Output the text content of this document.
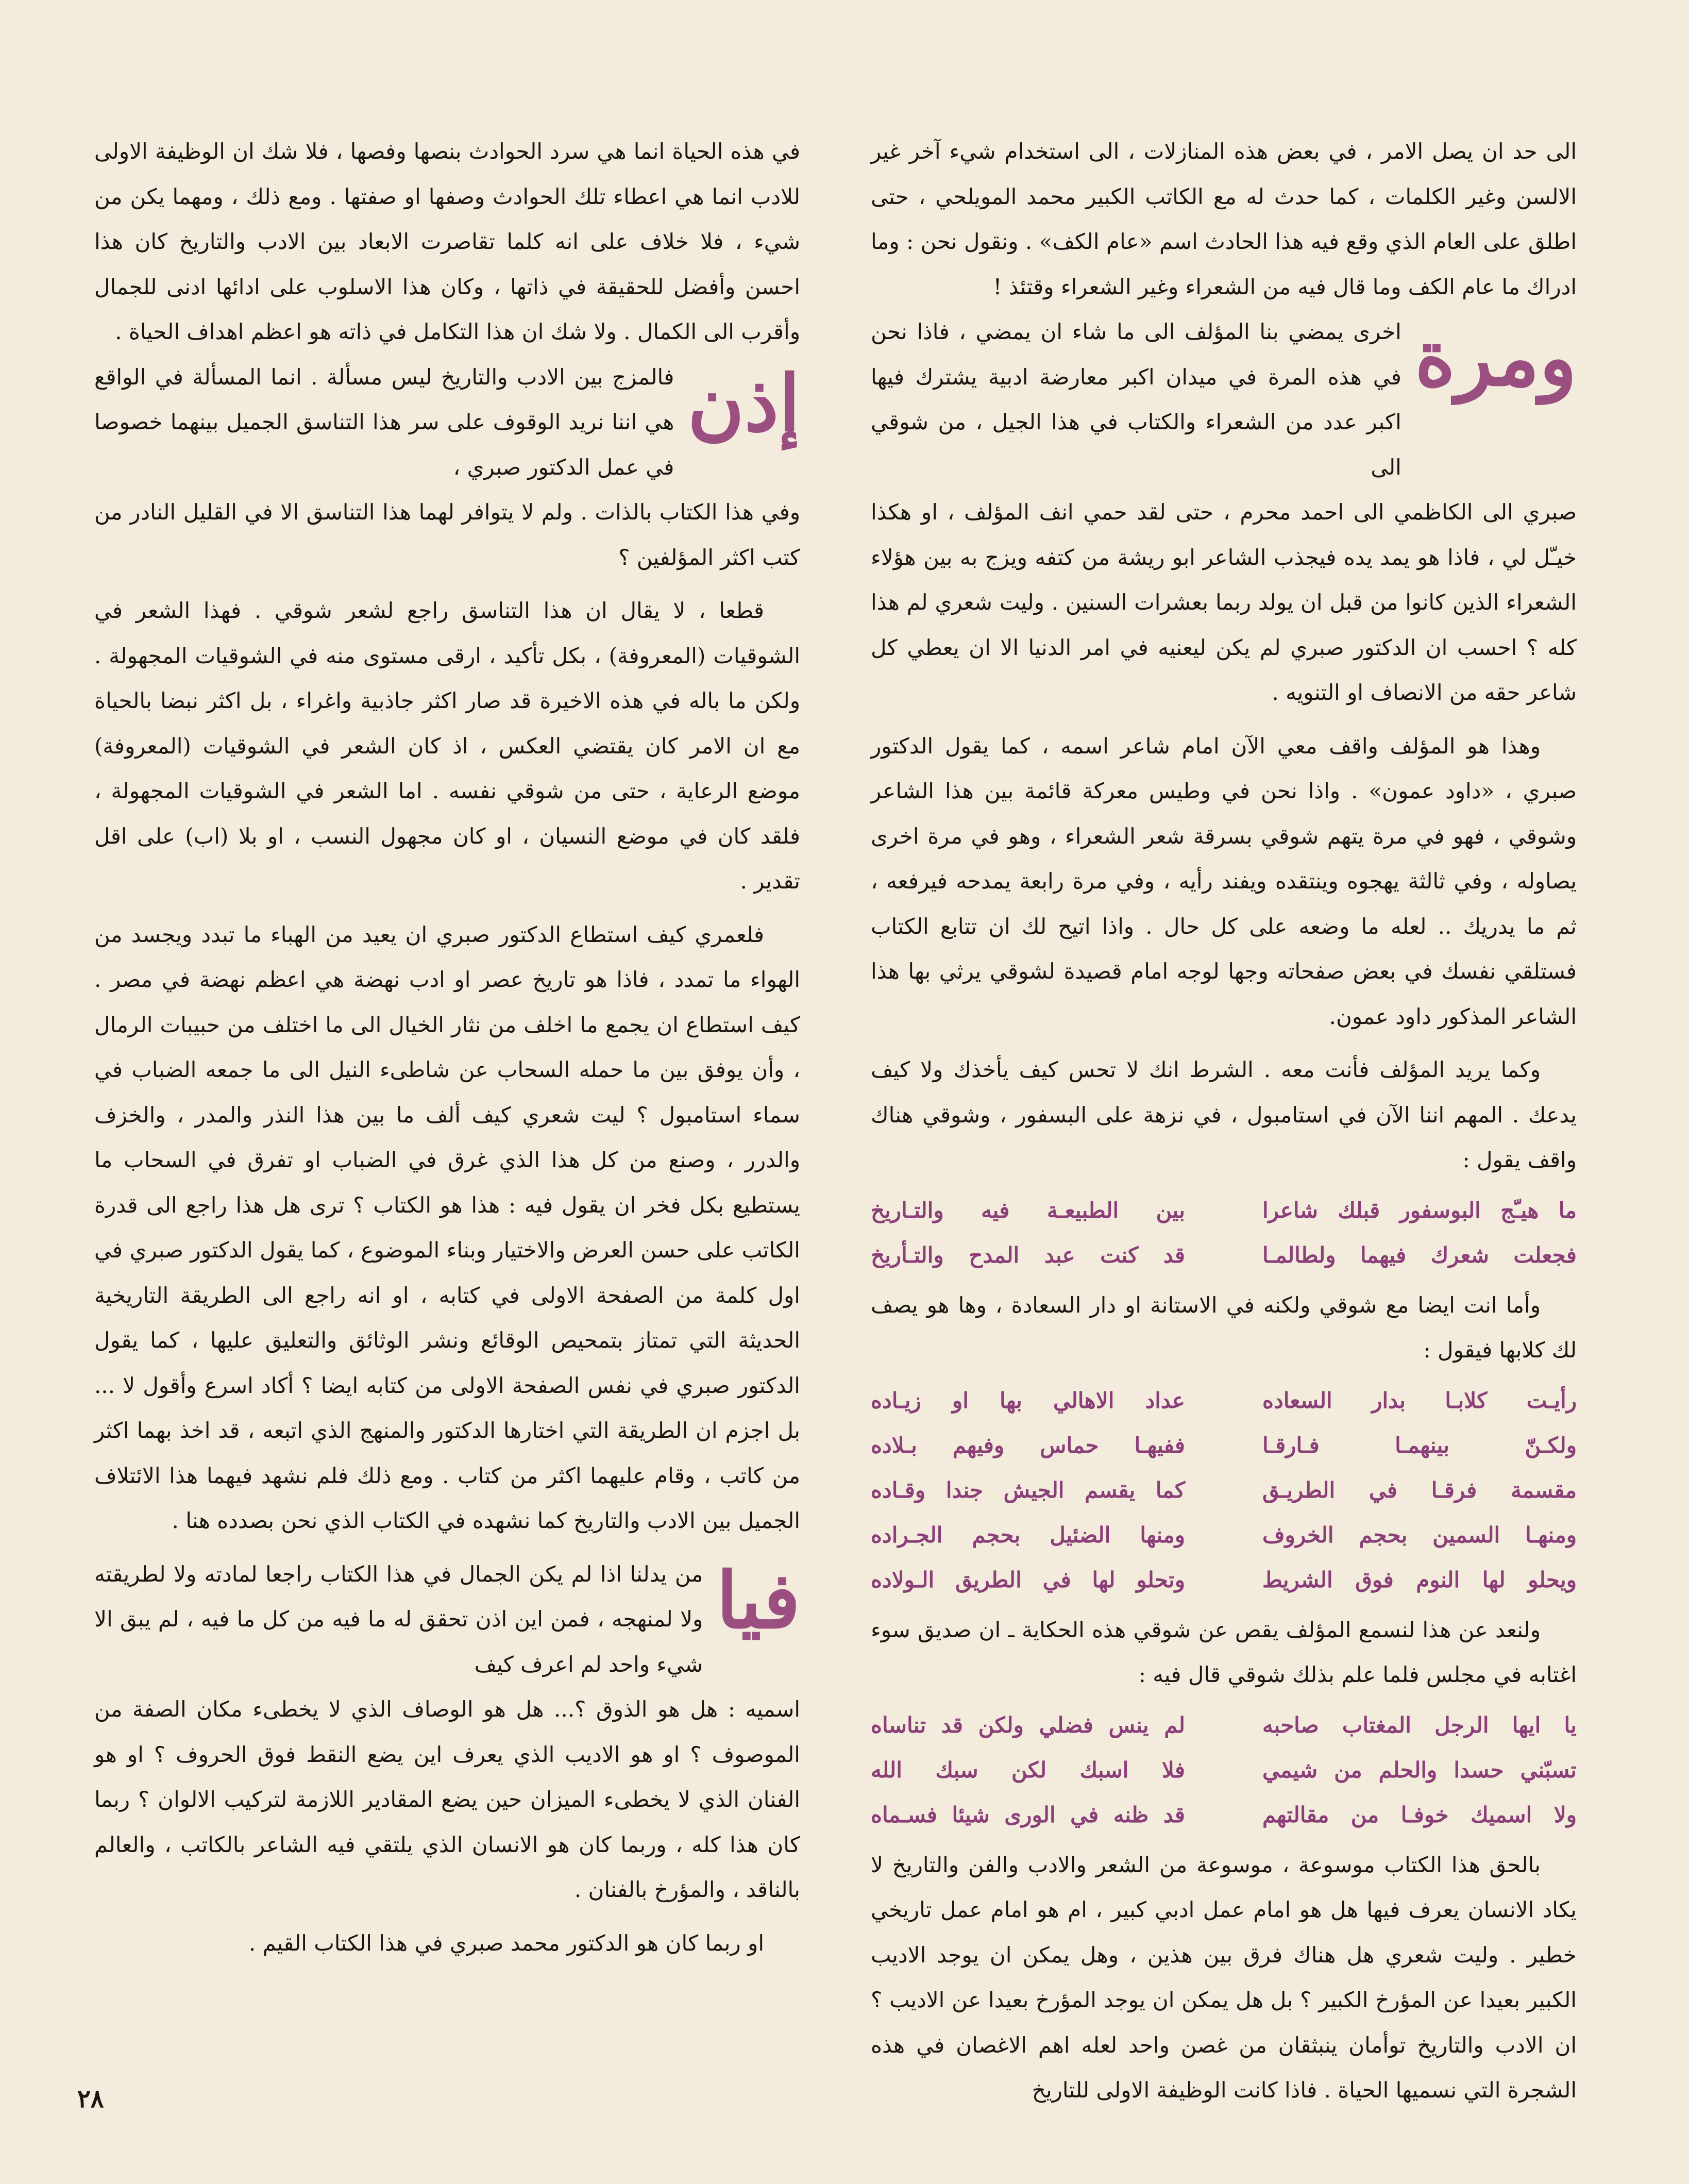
الى حد ان يصل الامر ، في بعض هذه المنازلات ، الى استخدام شيء آخر غير الالسن وغير الكلمات ، كما حدث له مع الكاتب الكبير محمد المويلحي ، حتى اطلق على العام الذي وقع فيه هذا الحادث اسم «عام الكف» . ونقول نحن : وما ادراك ما عام الكف وما قال فيه من الشعراء وغير الشعراء وقتئذ !
ومرة
اخرى يمضي بنا المؤلف الى ما شاء ان يمضي ، فاذا نحن في هذه المرة في ميدان اكبر معارضة ادبية يشترك فيها اكبر عدد من الشعراء والكتاب في هذا الجيل ، من شوقي الى
صبري الى الكاظمي الى احمد محرم ، حتى لقد حمي انف المؤلف ، او هكذا خيـّل لي ، فاذا هو يمد يده فيجذب الشاعر ابو ريشة من كتفه ويزج به بين هؤلاء الشعراء الذين كانوا من قبل ان يولد ربما بعشرات السنين . وليت شعري لم هذا كله ؟ احسب ان الدكتور صبري لم يكن ليعنيه في امر الدنيا الا ان يعطي كل شاعر حقه من الانصاف او التنويه .
وهذا هو المؤلف واقف معي الآن امام شاعر اسمه ، كما يقول الدكتور صبري ، «داود عمون» . واذا نحن في وطيس معركة قائمة بين هذا الشاعر وشوقي ، فهو في مرة يتهم شوقي بسرقة شعر الشعراء ، وهو في مرة اخرى يصاوله ، وفي ثالثة يهجوه وينتقده ويفند رأيه ، وفي مرة رابعة يمدحه فيرفعه ، ثم ما يدريك .. لعله ما وضعه على كل حال . واذا اتيح لك ان تتابع الكتاب فستلقي نفسك في بعض صفحاته وجها لوجه امام قصيدة لشوقي يرثي بها هذا الشاعر المذكور داود عمون.
وكما يريد المؤلف فأنت معه . الشرط انك لا تحس كيف يأخذك ولا كيف يدعك . المهم اننا الآن في استامبول ، في نزهة على البسفور ، وشوقي هناك واقف يقول :
ما هيـّج البوسفور قبلك شاعرا
بين الطبيعـة فيه والتـاريخ
فجعلت شعرك فيهما ولطالمـا
قد كنت عبد المدح والتـأريخ
وأما انت ايضا مع شوقي ولكنه في الاستانة او دار السعادة ، وها هو يصف لك كلابها فيقول :
رأيـت كلابـا بدار السعاده
عداد الاهالي بها او زيـاده
ولكـنّ بينهمـا فـارقـا
ففيهـا حماس وفيهم بـلاده
مقسمة فرقـا في الطريـق
كما يقسم الجيش جندا وقـاده
ومنهـا السمين بحجم الخروف
ومنها الضئيل بحجم الجـراده
ويحلو لها النوم فوق الشريط
وتحلو لها في الطريق الـولاده
ولنعد عن هذا لنسمع المؤلف يقص عن شوقي هذه الحكاية ـ ان صديق سوء اغتابه في مجلس فلما علم بذلك شوقي قال فيه :
يا ايها الرجل المغتاب صاحبه
لم ينس فضلي ولكن قد تناساه
تسبّني حسدا والحلم من شيمي
فلا اسبك لكن سبك الله
ولا اسميك خوفـا من مقالتهم
قد ظنه في الورى شيئا فسـماه
بالحق هذا الكتاب موسوعة ، موسوعة من الشعر والادب والفن والتاريخ لا يكاد الانسان يعرف فيها هل هو امام عمل ادبي كبير ، ام هو امام عمل تاريخي خطير . وليت شعري هل هناك فرق بين هذين ، وهل يمكن ان يوجد الاديب الكبير بعيدا عن المؤرخ الكبير ؟ بل هل يمكن ان يوجد المؤرخ بعيدا عن الاديب ؟ ان الادب والتاريخ توأمان ينبثقان من غصن واحد لعله اهم الاغصان في هذه الشجرة التي نسميها الحياة . فاذا كانت الوظيفة الاولى للتاريخ
في هذه الحياة انما هي سرد الحوادث بنصها وفصها ، فلا شك ان الوظيفة الاولى للادب انما هي اعطاء تلك الحوادث وصفها او صفتها . ومع ذلك ، ومهما يكن من شيء ، فلا خلاف على انه كلما تقاصرت الابعاد بين الادب والتاريخ كان هذا احسن وأفضل للحقيقة في ذاتها ، وكان هذا الاسلوب على ادائها ادنى للجمال وأقرب الى الكمال . ولا شك ان هذا التكامل في ذاته هو اعظم اهداف الحياة .
إذن
فالمزج بين الادب والتاريخ ليس مسألة . انما المسألة في الواقع هي اننا نريد الوقوف على سر هذا التناسق الجميل بينهما خصوصا في عمل الدكتور صبري ،
وفي هذا الكتاب بالذات . ولم لا يتوافر لهما هذا التناسق الا في القليل النادر من كتب اكثر المؤلفين ؟
قطعا ، لا يقال ان هذا التناسق راجع لشعر شوقي . فهذا الشعر في الشوقيات (المعروفة) ، بكل تأكيد ، ارقى مستوى منه في الشوقيات المجهولة . ولكن ما باله في هذه الاخيرة قد صار اكثر جاذبية واغراء ، بل اكثر نبضا بالحياة مع ان الامر كان يقتضي العكس ، اذ كان الشعر في الشوقيات (المعروفة) موضع الرعاية ، حتى من شوقي نفسه . اما الشعر في الشوقيات المجهولة ، فلقد كان في موضع النسيان ، او كان مجهول النسب ، او بلا (اب) على اقل تقدير .
فلعمري كيف استطاع الدكتور صبري ان يعيد من الهباء ما تبدد ويجسد من الهواء ما تمدد ، فاذا هو تاريخ عصر او ادب نهضة هي اعظم نهضة في مصر . كيف استطاع ان يجمع ما اخلف من نثار الخيال الى ما اختلف من حبيبات الرمال ، وأن يوفق بين ما حمله السحاب عن شاطىء النيل الى ما جمعه الضباب في سماء استامبول ؟ ليت شعري كيف ألف ما بين هذا النذر والمدر ، والخزف والدرر ، وصنع من كل هذا الذي غرق في الضباب او تفرق في السحاب ما يستطيع بكل فخر ان يقول فيه : هذا هو الكتاب ؟ ترى هل هذا راجع الى قدرة الكاتب على حسن العرض والاختيار وبناء الموضوع ، كما يقول الدكتور صبري في اول كلمة من الصفحة الاولى في كتابه ، او انه راجع الى الطريقة التاريخية الحديثة التي تمتاز بتمحيص الوقائع ونشر الوثائق والتعليق عليها ، كما يقول الدكتور صبري في نفس الصفحة الاولى من كتابه ايضا ؟ أكاد اسرع وأقول لا ... بل اجزم ان الطريقة التي اختارها الدكتور والمنهج الذي اتبعه ، قد اخذ بهما اكثر من كاتب ، وقام عليهما اكثر من كتاب . ومع ذلك فلم نشهد فيهما هذا الائتلاف الجميل بين الادب والتاريخ كما نشهده في الكتاب الذي نحن بصدده هنا .
فيا
من يدلنا اذا لم يكن الجمال في هذا الكتاب راجعا لمادته ولا لطريقته ولا لمنهجه ، فمن اين اذن تحقق له ما فيه من كل ما فيه ، لم يبق الا شيء واحد لم اعرف كيف
اسميه : هل هو الذوق ؟... هل هو الوصاف الذي لا يخطىء مكان الصفة من الموصوف ؟ او هو الاديب الذي يعرف اين يضع النقط فوق الحروف ؟ او هو الفنان الذي لا يخطىء الميزان حين يضع المقادير اللازمة لتركيب الالوان ؟ ربما كان هذا كله ، وربما كان هو الانسان الذي يلتقي فيه الشاعر بالكاتب ، والعالم بالناقد ، والمؤرخ بالفنان .
او ربما كان هو الدكتور محمد صبري في هذا الكتاب القيم .
٢٨
